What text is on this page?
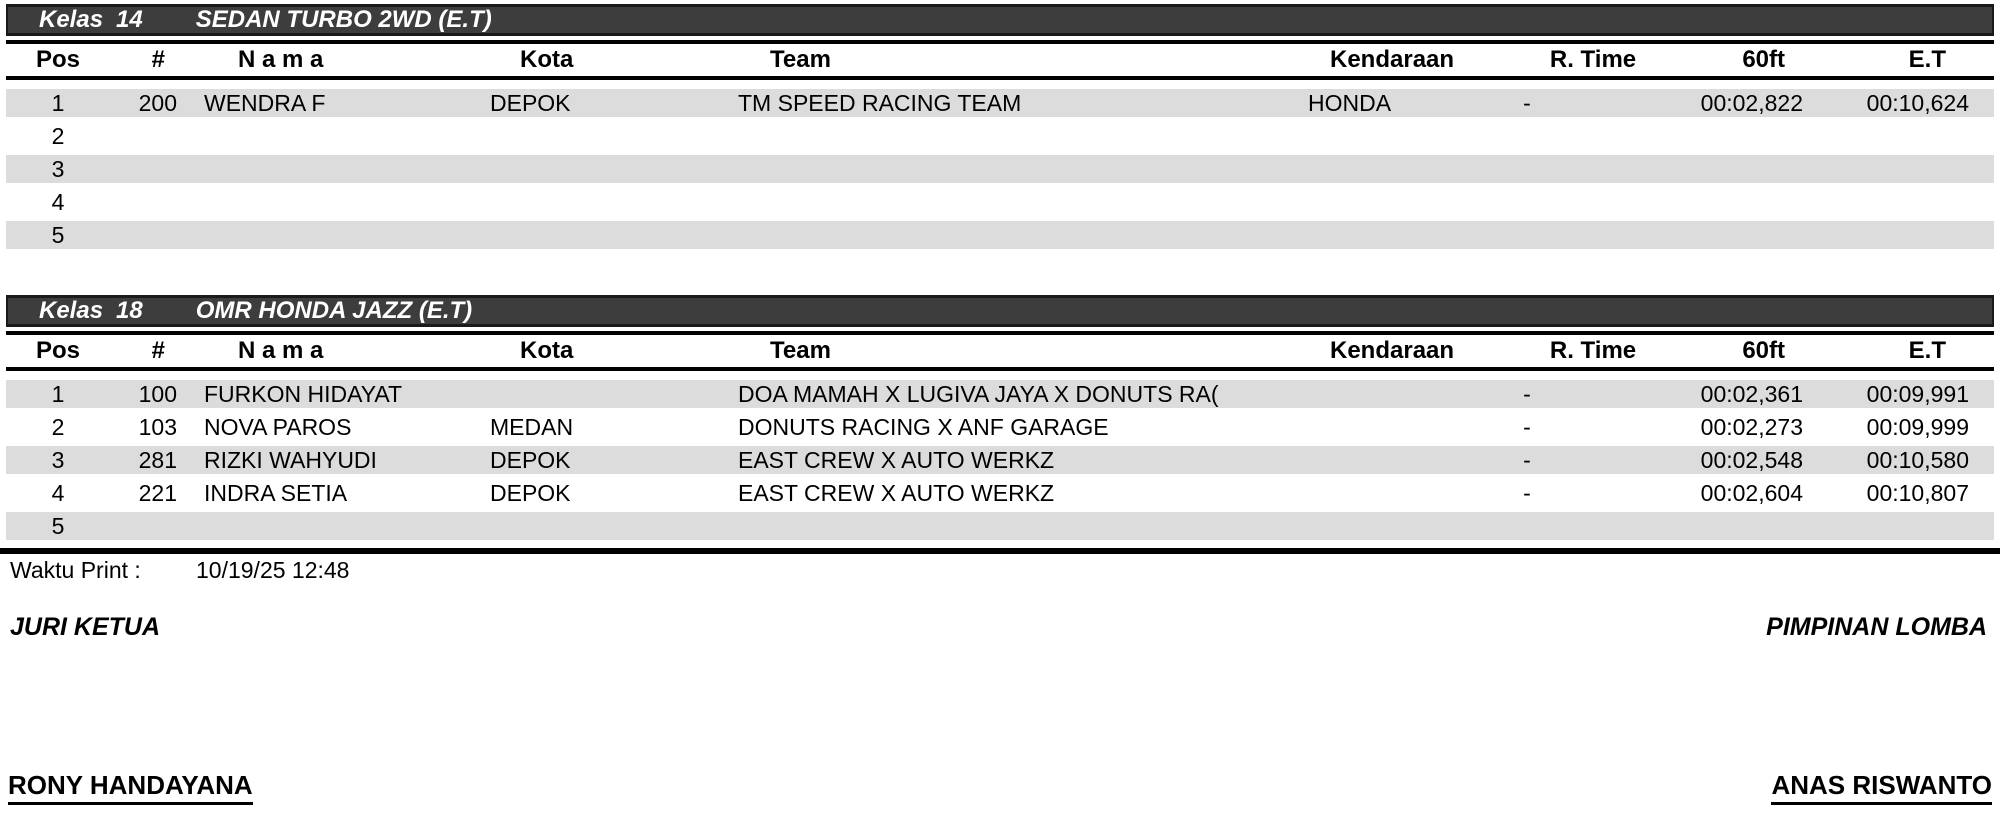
Kelas 14 SEDAN TURBO 2WD (E.T)
Pos	#	N a m a	Kota	Team	Kendaraan	R. Time	60ft	E.T
1	200	WENDRA F	DEPOK	TM SPEED RACING TEAM	HONDA	-	00:02,822	00:10,624
2								
3								
4								
5								
Kelas 18 OMR HONDA JAZZ (E.T)
Pos	#	N a m a	Kota	Team	Kendaraan	R. Time	60ft	E.T
1	100	FURKON HIDAYAT		DOA MAMAH X LUGIVA JAYA X DONUTS RA(		-	00:02,361	00:09,991
2	103	NOVA PAROS	MEDAN	DONUTS RACING X ANF GARAGE		-	00:02,273	00:09,999
3	281	RIZKI WAHYUDI	DEPOK	EAST CREW X AUTO WERKZ		-	00:02,548	00:10,580
4	221	INDRA SETIA	DEPOK	EAST CREW X AUTO WERKZ		-	00:02,604	00:10,807
5								
Waktu Print : 10/19/25 12:48
JURI KETUA	PIMPINAN LOMBA
RONY HANDAYANA	ANAS RISWANTO
